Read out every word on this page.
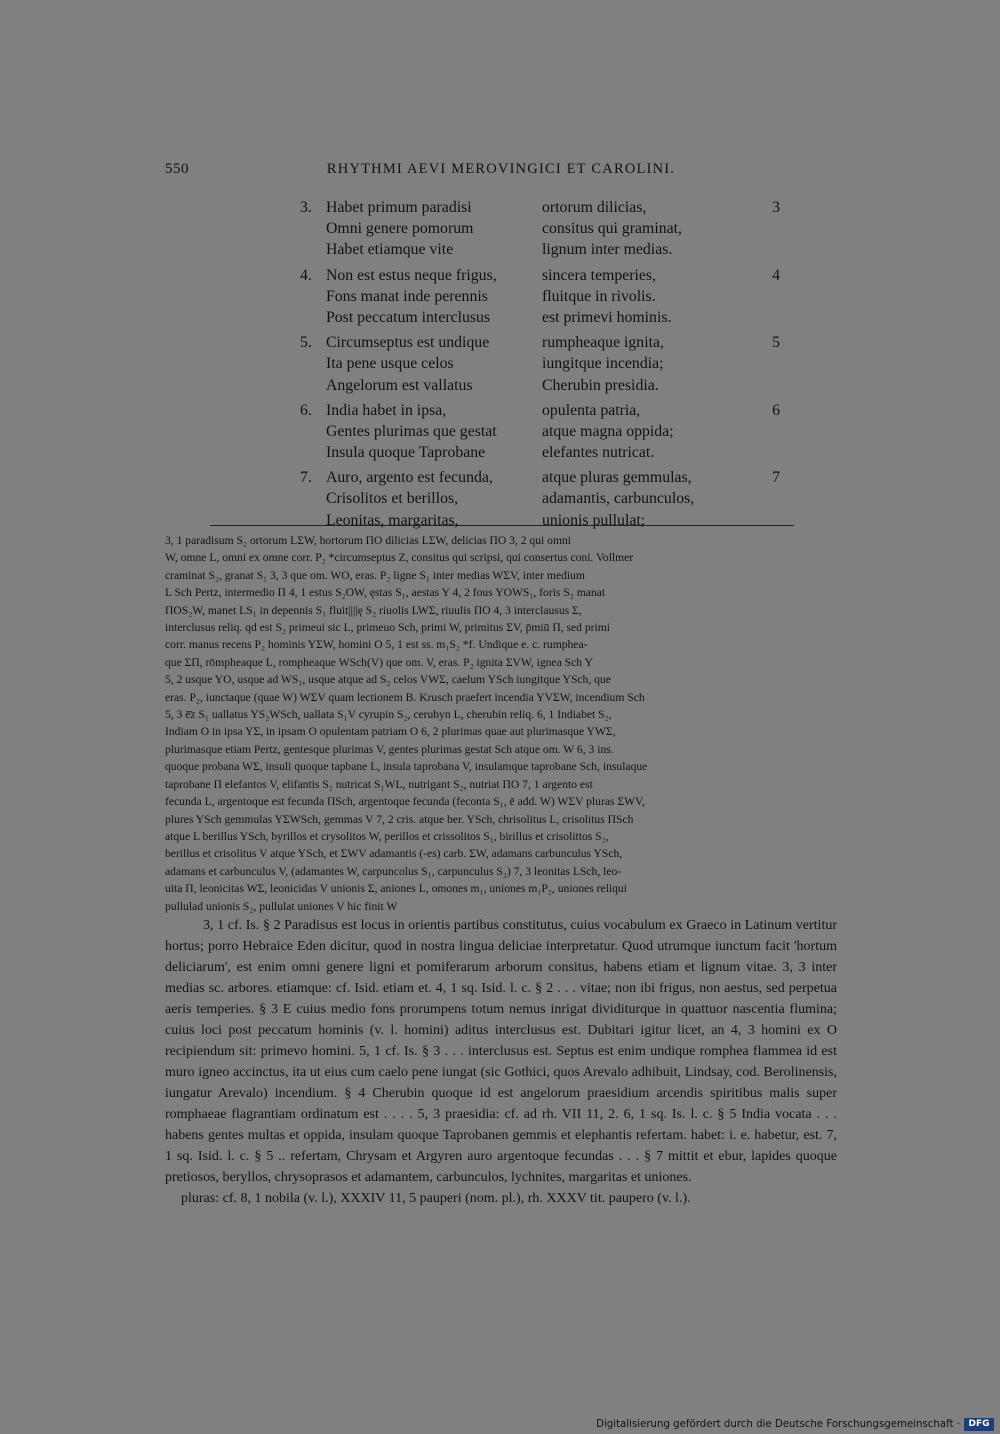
550	RHYTHMI AEVI MEROVINGICI ET CAROLINI.
3. Habet primum paradisi	ortorum dilicias,	3
Omni genere pomorum	consitus qui graminat,
Habet etiamque vite	lignum inter medias.
4. Non est estus neque frigus,	sincera temperies,	4
Fons manat inde perennis	fluitque in rivolis.
Post peccatum interclusus	est primevi hominis.
5. Circumseptus est undique	rumpheaque ignita,	5
Ita pene usque celos	iungitque incendia;
Angelorum est vallatus	Cherubin presidia.
6. India habet in ipsa,	opulenta patria,	6
Gentes plurimas que gestat	atque magna oppida;
Insula quoque Taprobane	elefantes nutricat.
7. Auro, argento est fecunda,	atque pluras gemmulas,	7
Crisolitos et berillos,	adamantis, carbunculos,
Leonitas, margaritas,	unionis pullulat;
3, 1 paradisum S₂ ortorum LΣW, hortorum ΠO dilicias LΣW, delicias ΠO 3, 2 qui omni
W, omne L, omni ex omne corr. P₂ *circumseptus Z, consitus qui scripsi, qui consertus coni. Vollmer
craminat S₂, granat S₁ 3, 3 que om. WO, eras. P₂ ligne S₁ inter medias WΣV, inter medium
L Sch Pertz, intermedio Π 4, 1 estus S₂OW, ęstas S₁, aestas Y 4, 2 fous YOWS₁, foris S₂ manat
ΠOS₂W, manet LS₁ in depennis S₁ fluit||||ę S₂ riuolis LWΣ, riuulis ΠO 4, 3 interclausus Σ,
interclusus reliq. qd est S₂ primeui sic L, primeuo Sch, primi W, primitus ΣV, p̄miū Π, sed primi
corr. manus recens P₂ hominis YΣW, homini O 5, 1 est ss. m₁S₂ *f. Undique e. c. rumphea-
que ΣΠ, rōmpheaque L, rompheaque WSch(V) que om. V, eras. P₂ ignita ΣVW, ignea Sch Y
5, 2 usque YO, usque ad WS₁, usque atque ad S₂ celos VWΣ, caelum YSch iungitque YSch, que
eras. P₂, iunctaque (quae W) WΣV quam lectionem B. Krusch praefert incendia YVΣW, incendium Sch
5, 3 ē̄z S₁ uallatus YS₂WSch, uallata S₁V cyrupin S₂, cerubyn L, cherubin reliq. 6, 1 Indiabet S₂,
Indiam O in ipsa YΣ, in ipsam O opulentam patriam O 6, 2 plurimas quae aut plurimasque YWΣ,
plurimasque etiam Pertz, gentesque plurimas V, gentes plurimas gestat Sch atque om. W 6, 3 ins.
quoque probana WΣ, insuli quoque tapbane L, insula taprobana V, insulamque taprobane Sch, insulaque
taprobane Π elefantos V, elifantis S₂ nutricat S₁WL, nutrigant S₂, nutriat ΠO 7, 1 argento est
fecunda L, argentoque est fecunda ΠSch, argentoque fecunda (feconta S₁, ē add. W) WΣV pluras ΣWV,
plures YSch gemmulas YΣWSch, gemmas V 7, 2 cris. atque ber. YSch, chrisolitus L, crisolitus ΠSch
atque L berillus YSch, byrillos et crysolitos W, perillos et crissolitos S₁, birillus et crisolittos S₂,
berillus et crisolitus V atque YSch, et ΣWV adamantis (-es) carb. ΣW, adamans carbunculus YSch,
adamans et carbunculus V, (adamantes W, carpuncolus S₁, carpunculus S₂) 7, 3 leonitas LSch, leo-
uita Π, leonicitas WΣ, leonicidas V unionis Σ, aniones L, omones m₁, uniones m₁P₂, uniones reliqui
pullulad unionis S₂, pullulat uniones V hic finit W
3, 1 cf. Is. § 2 Paradisus est locus in orientis partibus constitutus, cuius vocabulum ex Graeco in Latinum vertitur hortus; porro Hebraice Eden dicitur, quod in nostra lingua deliciae interpretatur. Quod utrumque iunctum facit 'hortum deliciarum', est enim omni genere ligni et pomiferarum arborum consitus, habens etiam et lignum vitae. 3, 3 inter medias sc. arbores. etiamque: cf. Isid. etiam et. 4, 1 sq. Isid. l. c. § 2 . . . vitae; non ibi frigus, non aestus, sed perpetua aeris temperies. § 3 E cuius medio fons prorumpens totum nemus inrigat dividiturque in quattuor nascentia flumina; cuius loci post peccatum hominis (v. l. homini) aditus interclusus est. Dubitari igitur licet, an 4, 3 homini ex O recipiendum sit: primevo homini. 5, 1 cf. Is. § 3 . . . interclusus est. Septus est enim undique romphea flammea id est muro igneo accinctus, ita ut eius cum caelo pene iungat (sic Gothici, quos Arevalo adhibuit, Lindsay, cod. Berolinensis, iungatur Arevalo) incendium. § 4 Cherubin quoque id est angelorum praesidium arcendis spiritibus malis super romphaeae flagrantiam ordinatum est . . . . 5, 3 praesidia: cf. ad rh. VII 11, 2. 6, 1 sq. Is. l. c. § 5 India vocata . . . habens gentes multas et oppida, insulam quoque Taprobanen gemmis et elephantis refertam. habet: i. e. habetur, est. 7, 1 sq. Isid. l. c. § 5 .. refertam, Chrysam et Argyren auro argentoque fecundas . . . § 7 mittit et ebur, lapides quoque pretiosos, beryllos, chrysoprasos et adamantem, carbunculos, lychnites, margaritas et uniones.
pluras: cf. 8, 1 nobila (v. l.), XXXIV 11, 5 pauperi (nom. pl.), rh. XXXV tit. paupero (v. l.).
Digitalisierung gefördert durch die Deutsche Forschungsgemeinschaft · DFG
